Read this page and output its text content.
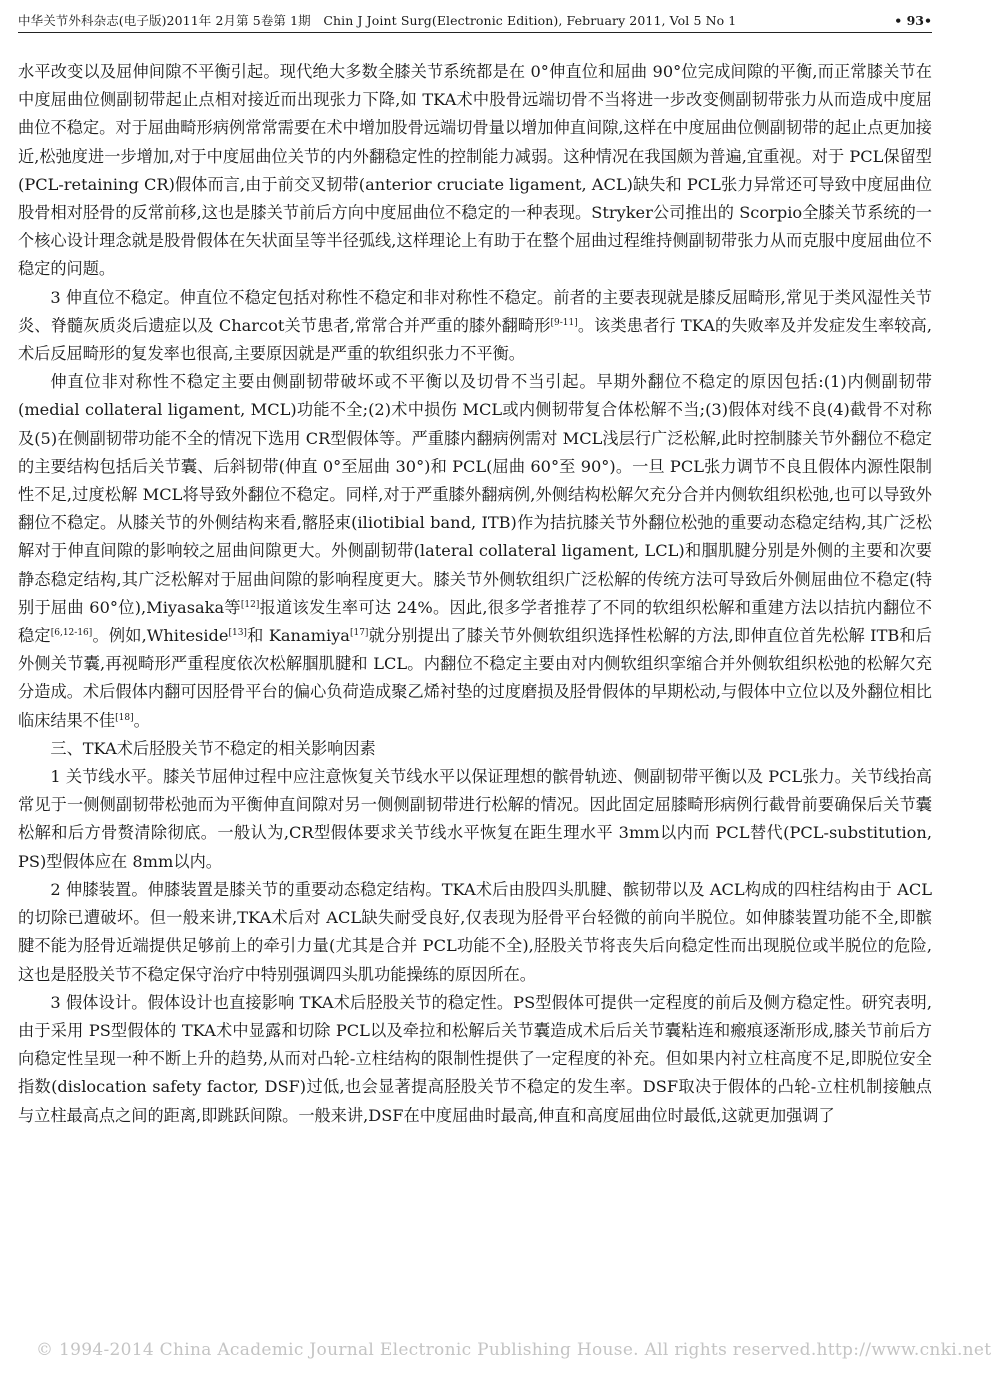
中华关节外科杂志(电子版)2011年 2月第 5卷第 1期　Chin J Joint Surg(Electronic Edition), February 2011, Vol 5 No 1	• 93•

水平改变以及屈伸间隙不平衡引起。现代绝大多数全膝关节系统都是在 0°伸直位和屈曲 90°位完成间隙的平衡,而正常膝关节在中度屈曲位侧副韧带起止点相对接近而出现张力下降,如 TKA术中股骨远端切骨不当将进一步改变侧副韧带张力从而造成中度屈曲位不稳定。对于屈曲畸形病例常常需要在术中增加股骨远端切骨量以增加伸直间隙,这样在中度屈曲位侧副韧带的起止点更加接近,松弛度进一步增加,对于中度屈曲位关节的内外翻稳定性的控制能力减弱。这种情况在我国颇为普遍,宜重视。对于 PCL保留型(PCL-retaining CR)假体而言,由于前交叉韧带(anterior cruciate ligament, ACL)缺失和 PCL张力异常还可导致中度屈曲位股骨相对胫骨的反常前移,这也是膝关节前后方向中度屈曲位不稳定的一种表现。Stryker公司推出的 Scorpio全膝关节系统的一个核心设计理念就是股骨假体在矢状面呈等半径弧线,这样理论上有助于在整个屈曲过程维持侧副韧带张力从而克服中度屈曲位不稳定的问题。

3 伸直位不稳定。伸直位不稳定包括对称性不稳定和非对称性不稳定。前者的主要表现就是膝反屈畸形,常见于类风湿性关节炎、脊髓灰质炎后遗症以及 Charcot关节患者,常常合并严重的膝外翻畸形[9-11]。该类患者行 TKA的失败率及并发症发生率较高,术后反屈畸形的复发率也很高,主要原因就是严重的软组织张力不平衡。

伸直位非对称性不稳定主要由侧副韧带破坏或不平衡以及切骨不当引起。早期外翻位不稳定的原因包括:(1)内侧副韧带(medial collateral ligament, MCL)功能不全;(2)术中损伤 MCL或内侧韧带复合体松解不当;(3)假体对线不良(4)截骨不对称及(5)在侧副韧带功能不全的情况下选用 CR型假体等。严重膝内翻病例需对 MCL浅层行广泛松解,此时控制膝关节外翻位不稳定的主要结构包括后关节囊、后斜韧带(伸直 0°至屈曲 30°)和 PCL(屈曲 60°至 90°)。一旦 PCL张力调节不良且假体内源性限制性不足,过度松解 MCL将导致外翻位不稳定。同样,对于严重膝外翻病例,外侧结构松解欠充分合并内侧软组织松弛,也可以导致外翻位不稳定。从膝关节的外侧结构来看,髂胫束(iliotibial band, ITB)作为拮抗膝关节外翻位松弛的重要动态稳定结构,其广泛松解对于伸直间隙的影响较之屈曲间隙更大。外侧副韧带(lateral collateral ligament, LCL)和腘肌腱分别是外侧的主要和次要静态稳定结构,其广泛松解对于屈曲间隙的影响程度更大。膝关节外侧软组织广泛松解的传统方法可导致后外侧屈曲位不稳定(特别于屈曲 60°位),Miyasaka等[12]报道该发生率可达 24%。因此,很多学者推荐了不同的软组织松解和重建方法以拮抗内翻位不稳定[6,12-16]。例如,Whiteside[13]和 Kanamiya[17]就分别提出了膝关节外侧软组织选择性松解的方法,即伸直位首先松解 ITB和后外侧关节囊,再视畸形严重程度依次松解腘肌腱和 LCL。内翻位不稳定主要由对内侧软组织挛缩合并外侧软组织松弛的松解欠充分造成。术后假体内翻可因胫骨平台的偏心负荷造成聚乙烯衬垫的过度磨损及胫骨假体的早期松动,与假体中立位以及外翻位相比临床结果不佳[18]。

三、TKA术后胫股关节不稳定的相关影响因素

1 关节线水平。膝关节屈伸过程中应注意恢复关节线水平以保证理想的髌骨轨迹、侧副韧带平衡以及 PCL张力。关节线抬高常见于一侧侧副韧带松弛而为平衡伸直间隙对另一侧侧副韧带进行松解的情况。因此固定屈膝畸形病例行截骨前要确保后关节囊松解和后方骨赘清除彻底。一般认为,CR型假体要求关节线水平恢复在距生理水平 3mm以内而 PCL替代(PCL-substitution, PS)型假体应在 8mm以内。

2 伸膝装置。伸膝装置是膝关节的重要动态稳定结构。TKA术后由股四头肌腱、髌韧带以及 ACL构成的四柱结构由于 ACL的切除已遭破坏。但一般来讲,TKA术后对 ACL缺失耐受良好,仅表现为胫骨平台轻微的前向半脱位。如伸膝装置功能不全,即髌腱不能为胫骨近端提供足够前上的牵引力量(尤其是合并 PCL功能不全),胫股关节将丧失后向稳定性而出现脱位或半脱位的危险,这也是胫股关节不稳定保守治疗中特别强调四头肌功能操练的原因所在。

3 假体设计。假体设计也直接影响 TKA术后胫股关节的稳定性。PS型假体可提供一定程度的前后及侧方稳定性。研究表明,由于采用 PS型假体的 TKA术中显露和切除 PCL以及牵拉和松解后关节囊造成术后后关节囊粘连和瘢痕逐渐形成,膝关节前后方向稳定性呈现一种不断上升的趋势,从而对凸轮-立柱结构的限制性提供了一定程度的补充。但如果内衬立柱高度不足,即脱位安全指数(dislocation safety factor, DSF)过低,也会显著提高胫股关节不稳定的发生率。DSF取决于假体的凸轮-立柱机制接触点与立柱最高点之间的距离,即跳跃间隙。一般来讲,DSF在中度屈曲时最高,伸直和高度屈曲位时最低,这就更加强调了

© 1994-2014 China Academic Journal Electronic Publishing House. All rights reserved. http://www.cnki.net
